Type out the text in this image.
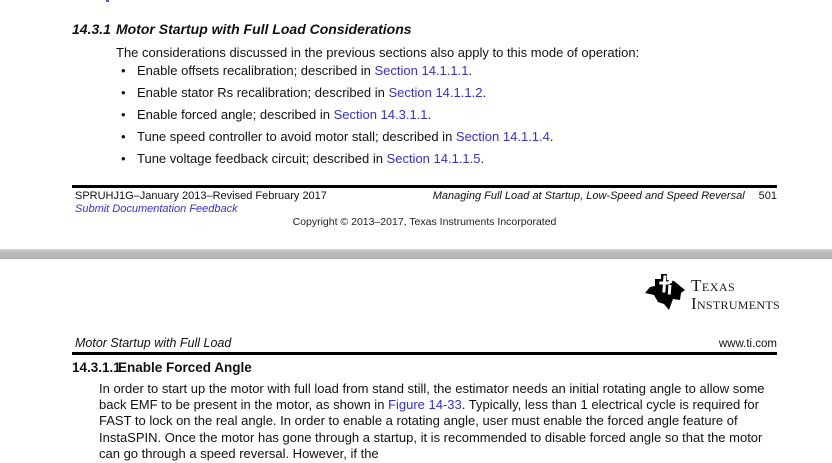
14.3.1 Motor Startup with Full Load Considerations
The considerations discussed in the previous sections also apply to this mode of operation:
• Enable offsets recalibration; described in Section 14.1.1.1.
• Enable stator Rs recalibration; described in Section 14.1.1.2.
• Enable forced angle; described in Section 14.3.1.1.
• Tune speed controller to avoid motor stall; described in Section 14.1.1.4.
• Tune voltage feedback circuit; described in Section 14.1.1.5.
SPRUHJ1G–January 2013–Revised February 2017	Managing Full Load at Startup, Low-Speed and Speed Reversal 501
Submit Documentation Feedback
Copyright © 2013–2017, Texas Instruments Incorporated
Texas
Instruments
Motor Startup with Full Load	www.ti.com
14.3.1.1
Enable Forced Angle
In order to start up the motor with full load from stand still, the estimator needs an initial rotating angle to allow some back EMF to be present in the motor, as shown in Figure 14-33. Typically, less than 1 electrical cycle is required for FAST to lock on the real angle. In order to enable a rotating angle, user must enable the forced angle feature of InstaSPIN. Once the motor has gone through a startup, it is recommended to disable forced angle so that the motor can go through a speed reversal. However, if the
